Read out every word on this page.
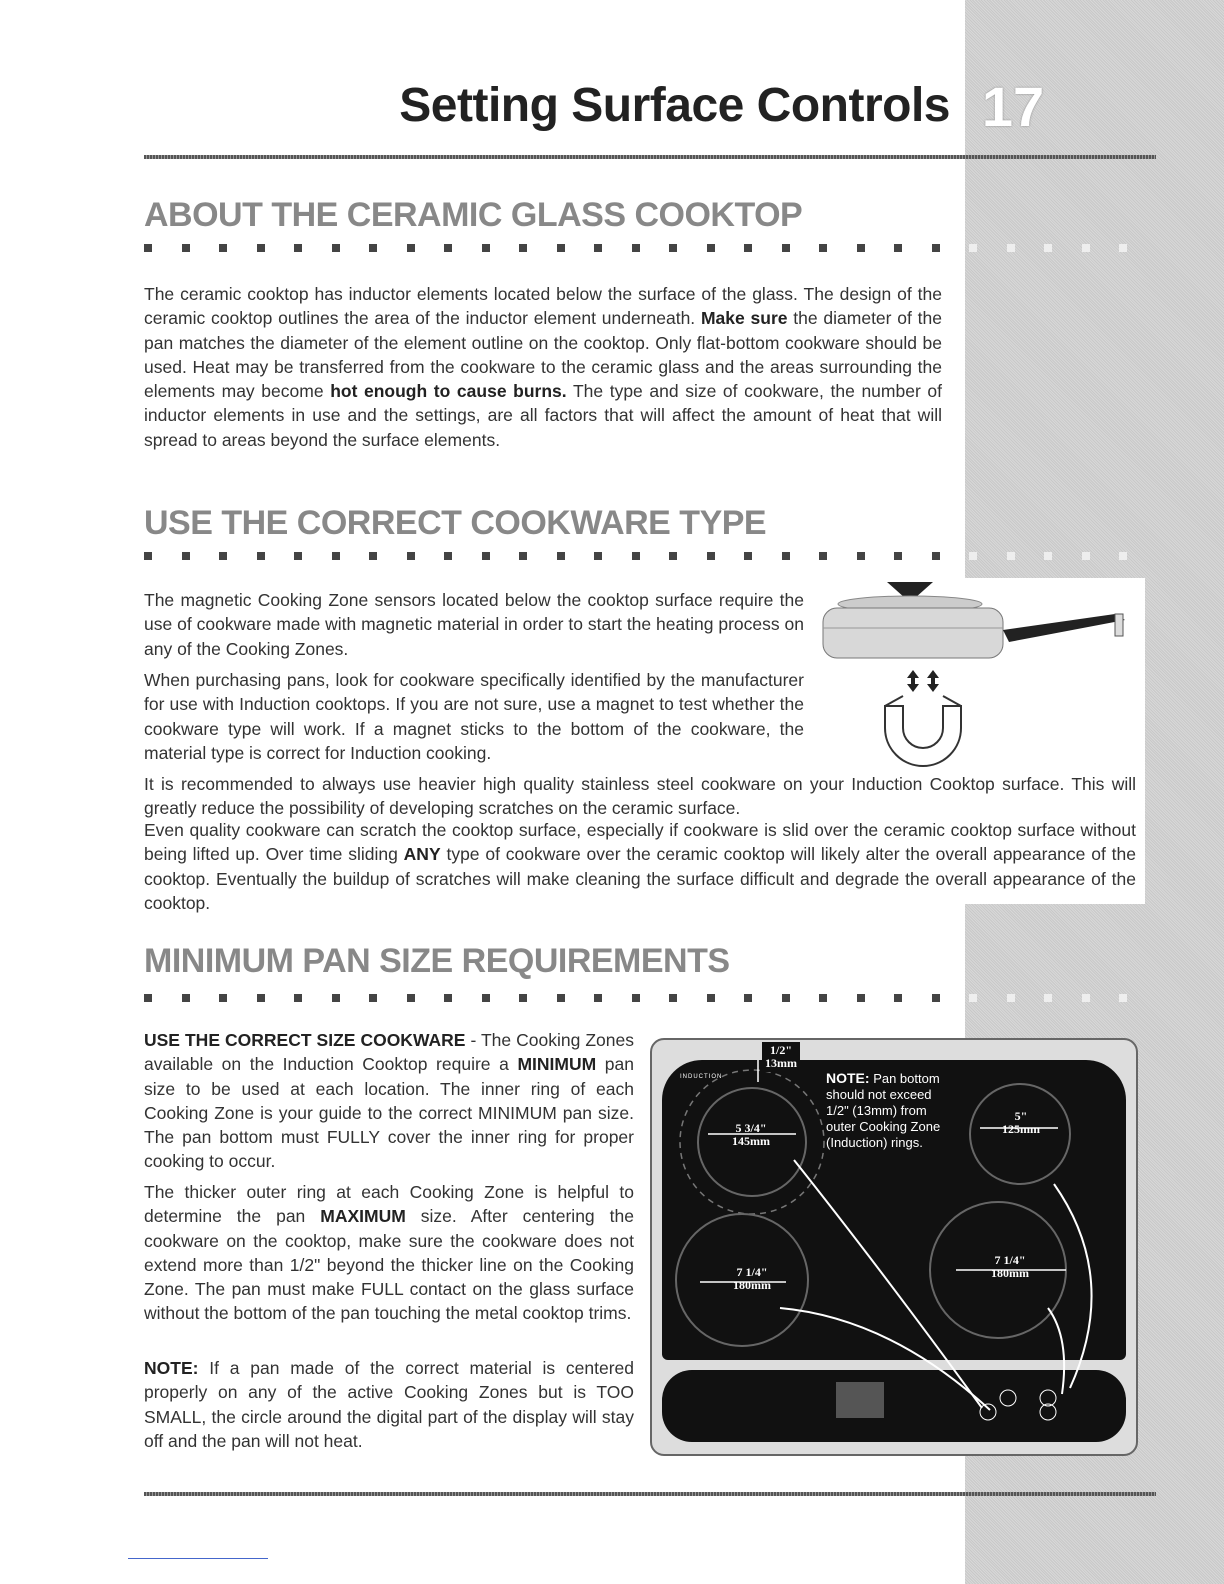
Setting Surface Controls 17
ABOUT THE CERAMIC GLASS COOKTOP
The ceramic cooktop has inductor elements located below the surface of the glass. The design of the ceramic cooktop outlines the area of the inductor element underneath. Make sure the diameter of the pan matches the diameter of the element outline on the cooktop. Only flat-bottom cookware should be used. Heat may be transferred from the cookware to the ceramic glass and the areas surrounding the elements may become hot enough to cause burns. The type and size of cookware, the number of inductor elements in use and the settings, are all factors that will affect the amount of heat that will spread to areas beyond the surface elements.
USE THE CORRECT COOKWARE TYPE
The magnetic Cooking Zone sensors located below the cooktop surface require the use of cookware made with magnetic material in order to start the heating process on any of the Cooking Zones.
When purchasing pans, look for cookware specifically identified by the manufacturer for use with Induction cooktops. If you are not sure, use a magnet to test whether the cookware type will work. If a magnet sticks to the bottom of the cookware, the material type is correct for Induction cooking.
It is recommended to always use heavier high quality stainless steel cookware on your Induction Cooktop surface. This will greatly reduce the possibility of developing scratches on the ceramic surface.
Even quality cookware can scratch the cooktop surface, especially if cookware is slid over the ceramic cooktop surface without being lifted up. Over time sliding ANY type of cookware over the ceramic cooktop will likely alter the overall appearance of the cooktop. Eventually the buildup of scratches will make cleaning the surface difficult and degrade the overall appearance of the cooktop.
MINIMUM PAN SIZE REQUIREMENTS
USE THE CORRECT SIZE COOKWARE - The Cooking Zones available on the Induction Cooktop require a MINIMUM pan size to be used at each location. The inner ring of each Cooking Zone is your guide to the correct MINIMUM pan size. The pan bottom must FULLY cover the inner ring for proper cooking to occur.
The thicker outer ring at each Cooking Zone is helpful to determine the pan MAXIMUM size. After centering the cookware on the cooktop, make sure the cookware does not extend more than 1/2" beyond the thicker line on the Cooking Zone. The pan must make FULL contact on the glass surface without the bottom of the pan touching the metal cooktop trims.
NOTE: If a pan made of the correct material is centered properly on any of the active Cooking Zones but is TOO SMALL, the circle around the digital part of the display will stay off and the pan will not heat.
1/2"
13mm
INDUCTION
5 3/4"
145mm
5"
125mm
7 1/4"
180mm
7 1/4"
180mm
NOTE: Pan bottom should not exceed 1/2" (13mm) from outer Cooking Zone (Induction) rings.
